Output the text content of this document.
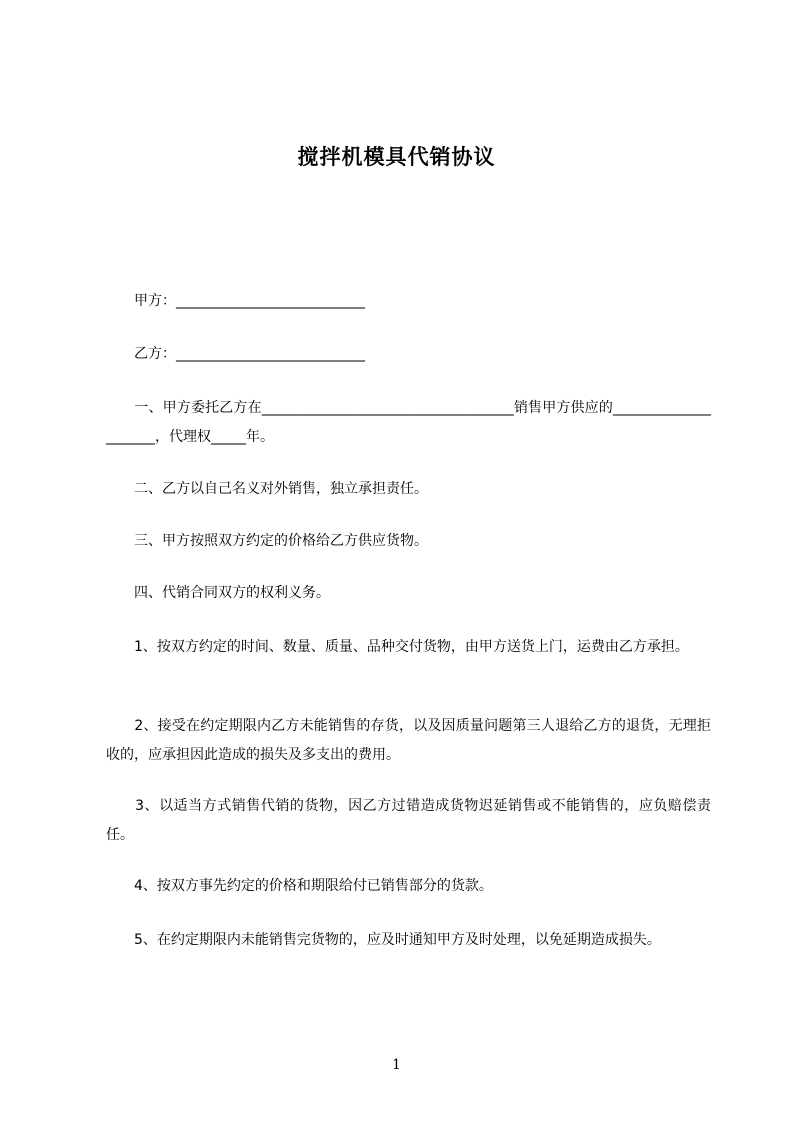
搅拌机模具代销协议
　　甲方：___________________________
　　乙方：___________________________
　　一、甲方委托乙方在____________________________________销售甲方供应的_____________________，代理权_____年。
　　二、乙方以自己名义对外销售，独立承担责任。
　　三、甲方按照双方约定的价格给乙方供应货物。
　　四、代销合同双方的权利义务。
　　1、按双方约定的时间、数量、质量、品种交付货物，由甲方送货上门，运费由乙方承担。
　　2、接受在约定期限内乙方未能销售的存货，以及因质量问题第三人退给乙方的退货，无理拒收的，应承担因此造成的损失及多支出的费用。
　　3、以适当方式销售代销的货物，因乙方过错造成货物迟延销售或不能销售的，应负赔偿责任。
　　4、按双方事先约定的价格和期限给付已销售部分的货款。
　　5、在约定期限内未能销售完货物的，应及时通知甲方及时处理，以免延期造成损失。
1
